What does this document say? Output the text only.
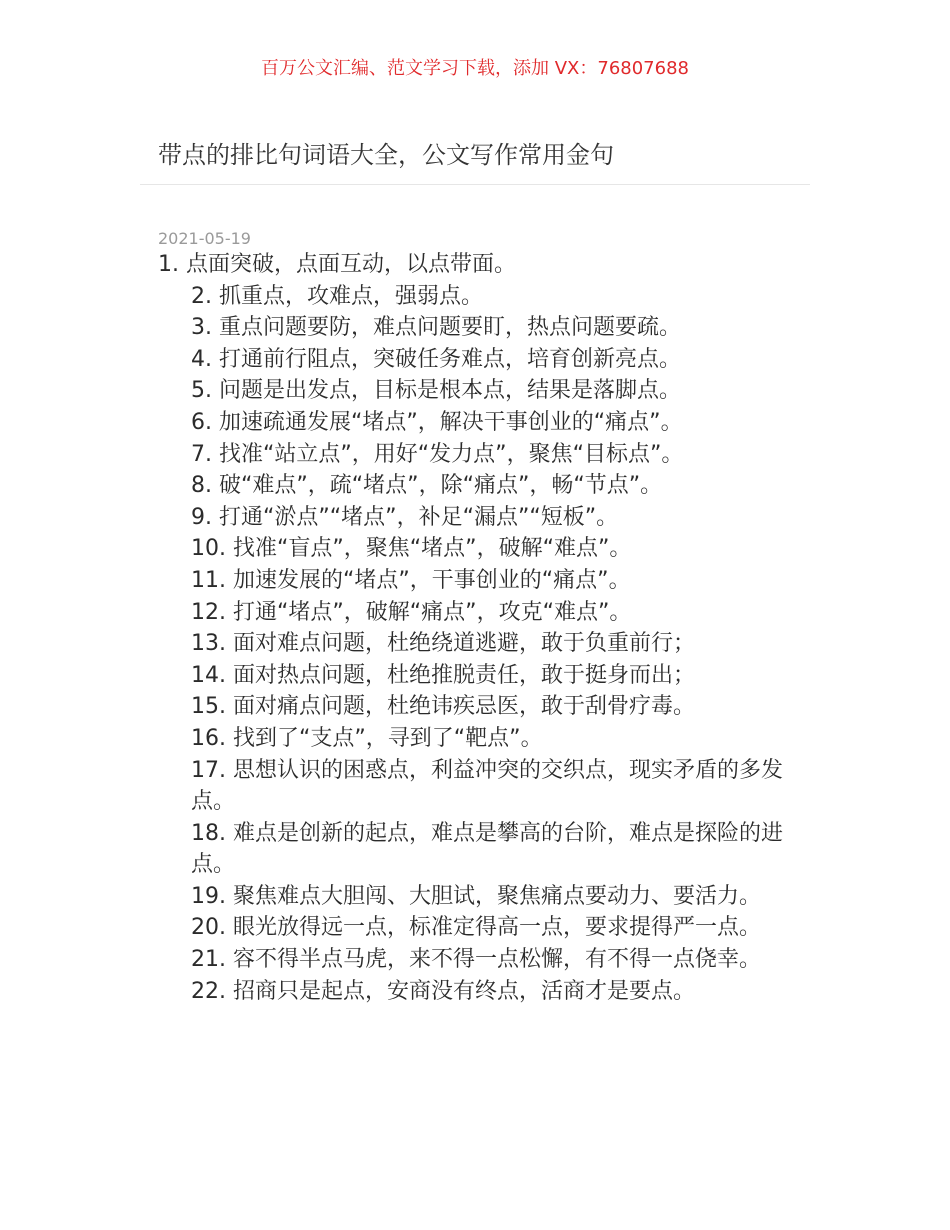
百万公文汇编、范文学习下载，添加 VX：76807688
带点的排比句词语大全，公文写作常用金句
2021-05-19
1. 点面突破，点面互动，以点带面。
2. 抓重点，攻难点，强弱点。
3. 重点问题要防，难点问题要盯，热点问题要疏。
4. 打通前行阻点，突破任务难点，培育创新亮点。
5. 问题是出发点，目标是根本点，结果是落脚点。
6. 加速疏通发展“堵点”，解决干事创业的“痛点”。
7. 找准“站立点”，用好“发力点”，聚焦“目标点”。
8. 破“难点”，疏“堵点”，除“痛点”，畅“节点”。
9. 打通“淤点”“堵点”，补足“漏点”“短板”。
10. 找准“盲点”，聚焦“堵点”，破解“难点”。
11. 加速发展的“堵点”，干事创业的“痛点”。
12. 打通“堵点”，破解“痛点”，攻克“难点”。
13. 面对难点问题，杜绝绕道逃避，敢于负重前行；
14. 面对热点问题，杜绝推脱责任，敢于挺身而出；
15. 面对痛点问题，杜绝讳疾忌医，敢于刮骨疗毒。
16. 找到了“支点”，寻到了“靶点”。
17. 思想认识的困惑点，利益冲突的交织点，现实矛盾的多发点。
18. 难点是创新的起点，难点是攀高的台阶，难点是探险的进点。
19. 聚焦难点大胆闯、大胆试，聚焦痛点要动力、要活力。
20. 眼光放得远一点，标准定得高一点，要求提得严一点。
21. 容不得半点马虎，来不得一点松懈，有不得一点侥幸。
22. 招商只是起点，安商没有终点，活商才是要点。
